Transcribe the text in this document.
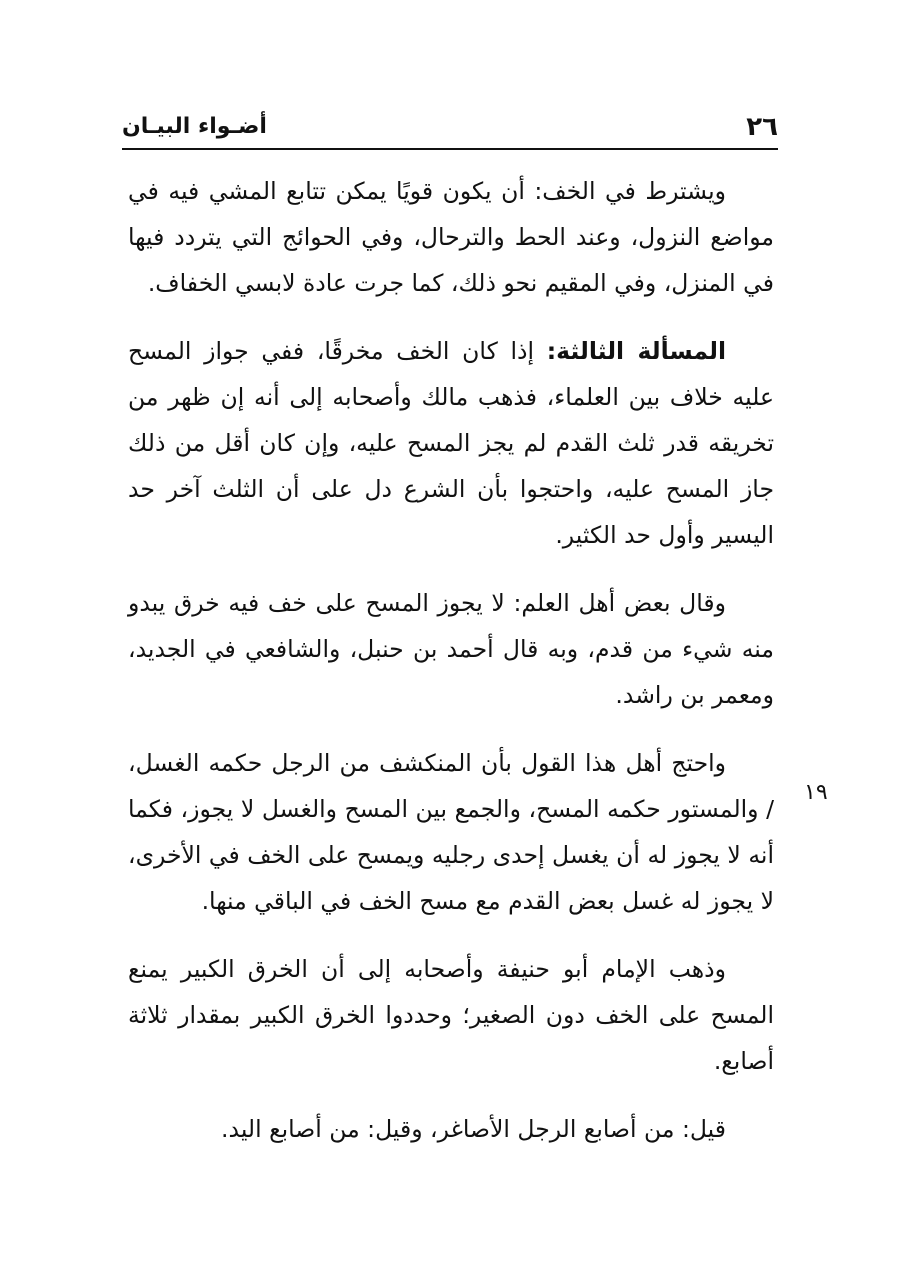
٢٦
أضـواء البيـان

ويشترط في الخف: أن يكون قويًا يمكن تتابع المشي فيه في مواضع النزول، وعند الحط والترحال، وفي الحوائج التي يتردد فيها في المنزل، وفي المقيم نحو ذلك، كما جرت عادة لابسي الخفاف.

المسألة الثالثة: إذا كان الخف مخرقًا، ففي جواز المسح عليه خلاف بين العلماء، فذهب مالك وأصحابه إلى أنه إن ظهر من تخريقه قدر ثلث القدم لم يجز المسح عليه، وإن كان أقل من ذلك جاز المسح عليه، واحتجوا بأن الشرع دل على أن الثلث آخر حد اليسير وأول حد الكثير.

وقال بعض أهل العلم: لا يجوز المسح على خف فيه خرق يبدو منه شيء من قدم، وبه قال أحمد بن حنبل، والشافعي في الجديد، ومعمر بن راشد.

واحتج أهل هذا القول بأن المنكشف من الرجل حكمه الغسل، / والمستور حكمه المسح، والجمع بين المسح والغسل لا يجوز، فكما أنه لا يجوز له أن يغسل إحدى رجليه ويمسح على الخف في الأخرى، لا يجوز له غسل بعض القدم مع مسح الخف في الباقي منها.

وذهب الإمام أبو حنيفة وأصحابه إلى أن الخرق الكبير يمنع المسح على الخف دون الصغير؛ وحددوا الخرق الكبير بمقدار ثلاثة أصابع.

قيل: من أصابع الرجل الأصاغر، وقيل: من أصابع اليد.

١٩
